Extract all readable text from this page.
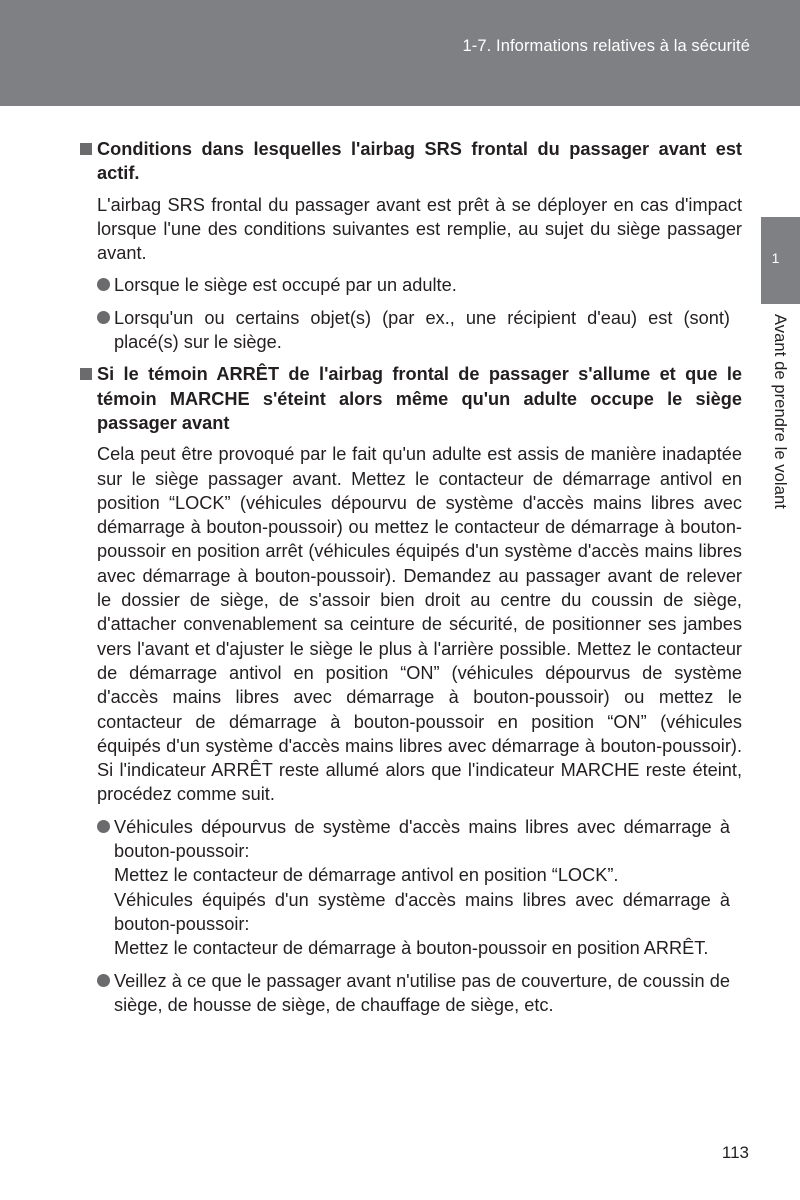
1-7. Informations relatives à la sécurité
1
Avant de prendre le volant
Conditions dans lesquelles l'airbag SRS frontal du passager avant est actif.
L'airbag SRS frontal du passager avant est prêt à se déployer en cas d'impact lorsque l'une des conditions suivantes est remplie, au sujet du siège passager avant.
Lorsque le siège est occupé par un adulte.
Lorsqu'un ou certains objet(s) (par ex., une récipient d'eau) est (sont) placé(s) sur le siège.
Si le témoin ARRÊT de l'airbag frontal de passager s'allume et que le témoin MARCHE s'éteint alors même qu'un adulte occupe le siège passager avant
Cela peut être provoqué par le fait qu'un adulte est assis de manière inadaptée sur le siège passager avant. Mettez le contacteur de démarrage antivol en position “LOCK” (véhicules dépourvu de système d'accès mains libres avec démarrage à bouton-poussoir) ou mettez le contacteur de démarrage à bouton-poussoir en position arrêt (véhicules équipés d'un système d'accès mains libres avec démarrage à bouton-poussoir). Demandez au passager avant de relever le dossier de siège, de s'assoir bien droit au centre du coussin de siège, d'attacher convenablement sa ceinture de sécurité, de positionner ses jambes vers l'avant et d'ajuster le siège le plus à l'arrière possible. Mettez le contacteur de démarrage antivol en position “ON” (véhicules dépourvus de système d'accès mains libres avec démarrage à bouton-poussoir) ou mettez le contacteur de démarrage à bouton-poussoir en position “ON” (véhicules équipés d'un système d'accès mains libres avec démarrage à bouton-poussoir). Si l'indicateur ARRÊT reste allumé alors que l'indicateur MARCHE reste éteint, procédez comme suit.
Véhicules dépourvus de système d'accès mains libres avec démarrage à bouton-poussoir:
Mettez le contacteur de démarrage antivol en position “LOCK”.
Véhicules équipés d'un système d'accès mains libres avec démarrage à bouton-poussoir:
Mettez le contacteur de démarrage à bouton-poussoir en position ARRÊT.
Veillez à ce que le passager avant n'utilise pas de couverture, de coussin de siège, de housse de siège, de chauffage de siège, etc.
113
